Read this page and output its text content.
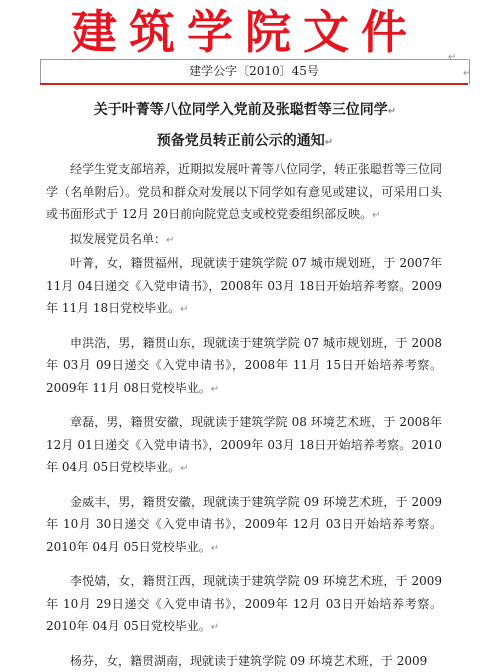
建筑学院文件	↵
建学公字〔2010〕45号	↵
关于叶菁等八位同学入党前及张聪哲等三位同学↵
预备党员转正前公示的通知↵

经学生党支部培养，近期拟发展叶菁等八位同学，转正张聪哲等三位同学（名单附后）。党员和群众对发展以下同学如有意见或建议，可采用口头或书面形式于 12月 20日前向院党总支或校党委组织部反映。↵

拟发展党员名单：↵

叶菁，女，籍贯福州，现就读于建筑学院 07 城市规划班，于 2007年 11月 04日递交《入党申请书》，2008年 03月 18日开始培养考察。2009年 11月 18日党校毕业。↵

申洪浩，男，籍贯山东，现就读于建筑学院 07 城市规划班，于 2008年 03月 09日递交《入党申请书》，2008年 11月 15日开始培养考察。2009年 11月 08日党校毕业。↵

章磊，男，籍贯安徽，现就读于建筑学院 08 环境艺术班，于 2008年 12月 01日递交《入党申请书》，2009年 03月 18日开始培养考察。2010年 04月 05日党校毕业。↵

金威丰，男，籍贯安徽，现就读于建筑学院 09 环境艺术班，于 2009年 10月 30日递交《入党申请书》，2009年 12月 03日开始培养考察。2010年 04月 05日党校毕业。↵

李悦婧，女，籍贯江西，现就读于建筑学院 09 环境艺术班，于 2009年 10月 29日递交《入党申请书》，2009年 12月 03日开始培养考察。2010年 04月 05日党校毕业。↵

杨芬，女，籍贯湖南，现就读于建筑学院 09 环境艺术班，于 2009
